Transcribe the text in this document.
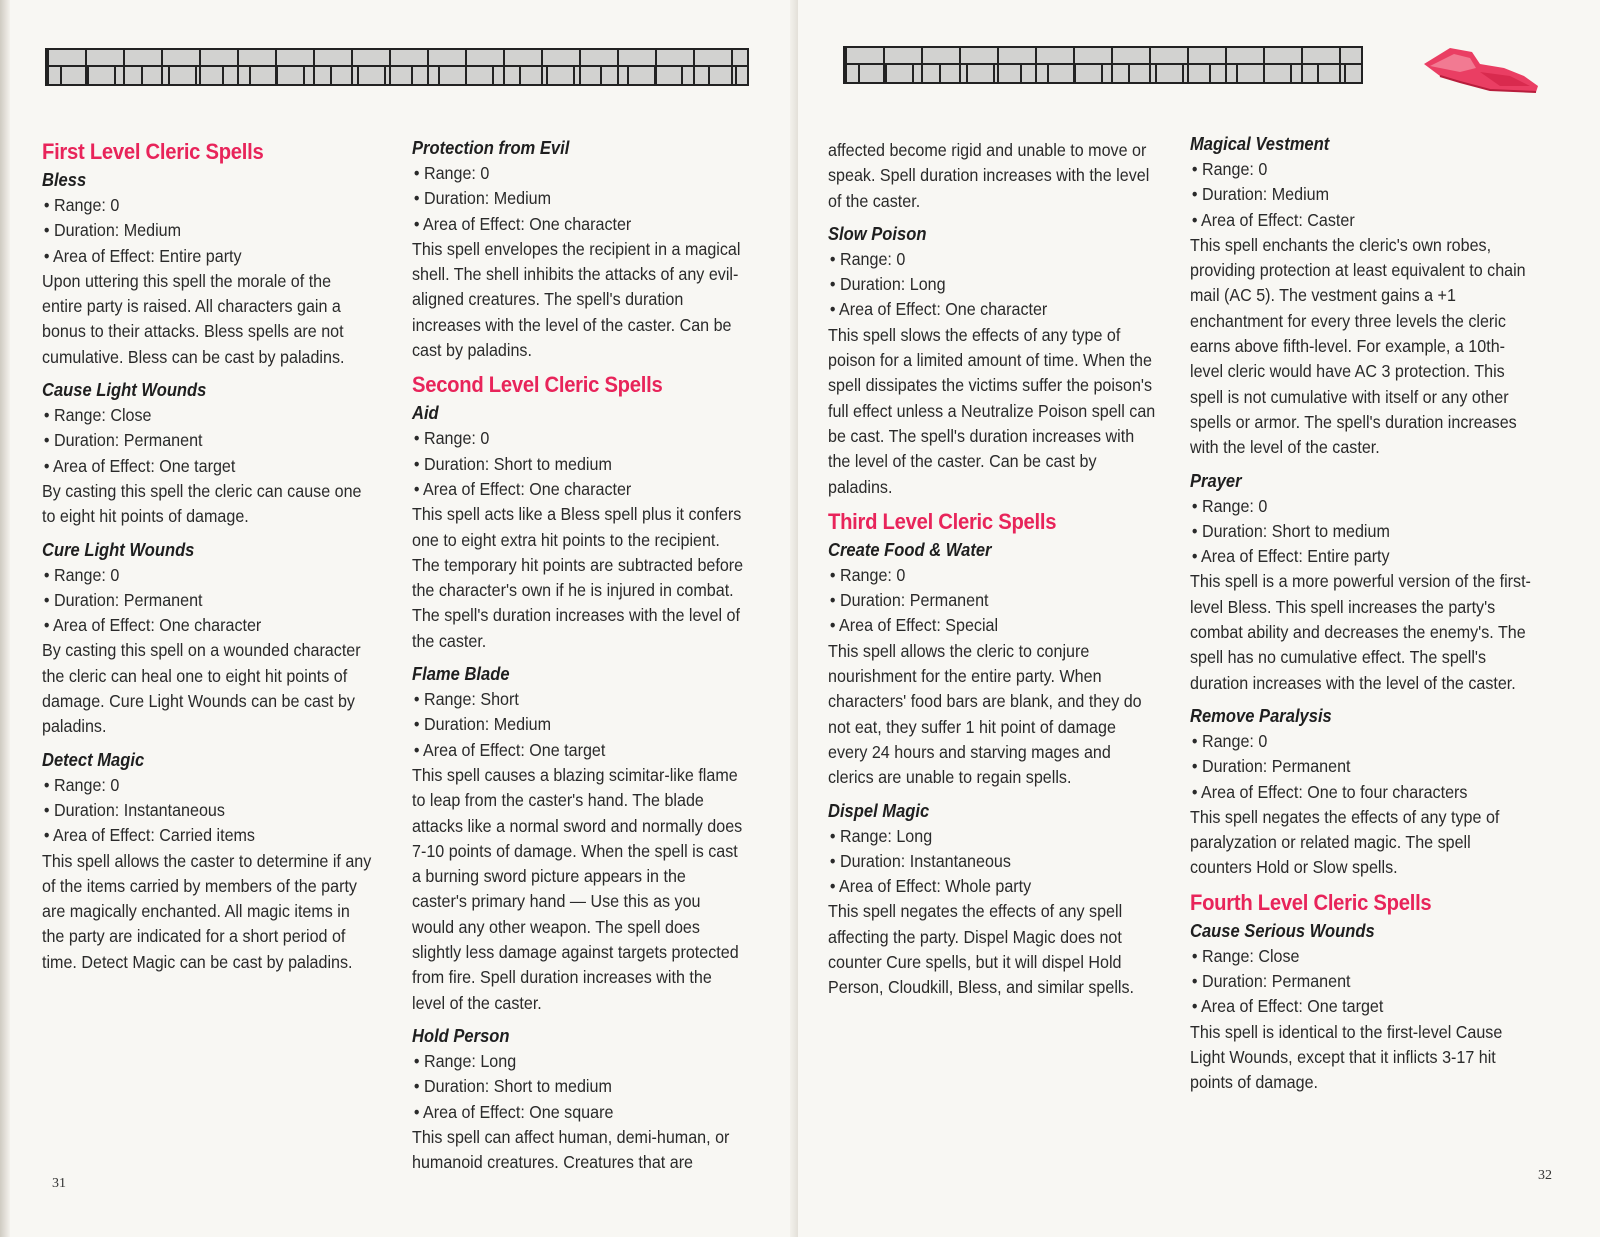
First Level Cleric Spells
Bless
• Range: 0
• Duration: Medium
• Area of Effect: Entire party
Upon uttering this spell the morale of the entire party is raised. All characters gain a bonus to their attacks. Bless spells are not cumulative. Bless can be cast by paladins.
Cause Light Wounds
• Range: Close
• Duration: Permanent
• Area of Effect: One target
By casting this spell the cleric can cause one to eight hit points of damage.
Cure Light Wounds
• Range: 0
• Duration: Permanent
• Area of Effect: One character
By casting this spell on a wounded character the cleric can heal one to eight hit points of damage. Cure Light Wounds can be cast by paladins.
Detect Magic
• Range: 0
• Duration: Instantaneous
• Area of Effect: Carried items
This spell allows the caster to determine if any of the items carried by members of the party are magically enchanted. All magic items in the party are indicated for a short period of time. Detect Magic can be cast by paladins.
Protection from Evil
• Range: 0
• Duration: Medium
• Area of Effect: One character
This spell envelopes the recipient in a magical shell. The shell inhibits the attacks of any evil-aligned creatures. The spell's duration increases with the level of the caster. Can be cast by paladins.
Second Level Cleric Spells
Aid
• Range: 0
• Duration: Short to medium
• Area of Effect: One character
This spell acts like a Bless spell plus it confers one to eight extra hit points to the recipient. The temporary hit points are subtracted before the character's own if he is injured in combat. The spell's duration increases with the level of the caster.
Flame Blade
• Range: Short
• Duration: Medium
• Area of Effect: One target
This spell causes a blazing scimitar-like flame to leap from the caster's hand. The blade attacks like a normal sword and normally does 7-10 points of damage. When the spell is cast a burning sword picture appears in the caster's primary hand — Use this as you would any other weapon. The spell does slightly less damage against targets protected from fire. Spell duration increases with the level of the caster.
Hold Person
• Range: Long
• Duration: Short to medium
• Area of Effect: One square
This spell can affect human, demi-human, or humanoid creatures. Creatures that are
31
affected become rigid and unable to move or speak. Spell duration increases with the level of the caster.
Slow Poison
• Range: 0
• Duration: Long
• Area of Effect: One character
This spell slows the effects of any type of poison for a limited amount of time. When the spell dissipates the victims suffer the poison's full effect unless a Neutralize Poison spell can be cast. The spell's duration increases with the level of the caster. Can be cast by paladins.
Third Level Cleric Spells
Create Food & Water
• Range: 0
• Duration: Permanent
• Area of Effect: Special
This spell allows the cleric to conjure nourishment for the entire party. When characters' food bars are blank, and they do not eat, they suffer 1 hit point of damage every 24 hours and starving mages and clerics are unable to regain spells.
Dispel Magic
• Range: Long
• Duration: Instantaneous
• Area of Effect: Whole party
This spell negates the effects of any spell affecting the party. Dispel Magic does not counter Cure spells, but it will dispel Hold Person, Cloudkill, Bless, and similar spells.
Magical Vestment
• Range: 0
• Duration: Medium
• Area of Effect: Caster
This spell enchants the cleric's own robes, providing protection at least equivalent to chain mail (AC 5). The vestment gains a +1 enchantment for every three levels the cleric earns above fifth-level. For example, a 10th-level cleric would have AC 3 protection. This spell is not cumulative with itself or any other spells or armor. The spell's duration increases with the level of the caster.
Prayer
• Range: 0
• Duration: Short to medium
• Area of Effect: Entire party
This spell is a more powerful version of the first-level Bless. This spell increases the party's combat ability and decreases the enemy's. The spell has no cumulative effect. The spell's duration increases with the level of the caster.
Remove Paralysis
• Range: 0
• Duration: Permanent
• Area of Effect: One to four characters
This spell negates the effects of any type of paralyzation or related magic. The spell counters Hold or Slow spells.
Fourth Level Cleric Spells
Cause Serious Wounds
• Range: Close
• Duration: Permanent
• Area of Effect: One target
This spell is identical to the first-level Cause Light Wounds, except that it inflicts 3-17 hit points of damage.
32
